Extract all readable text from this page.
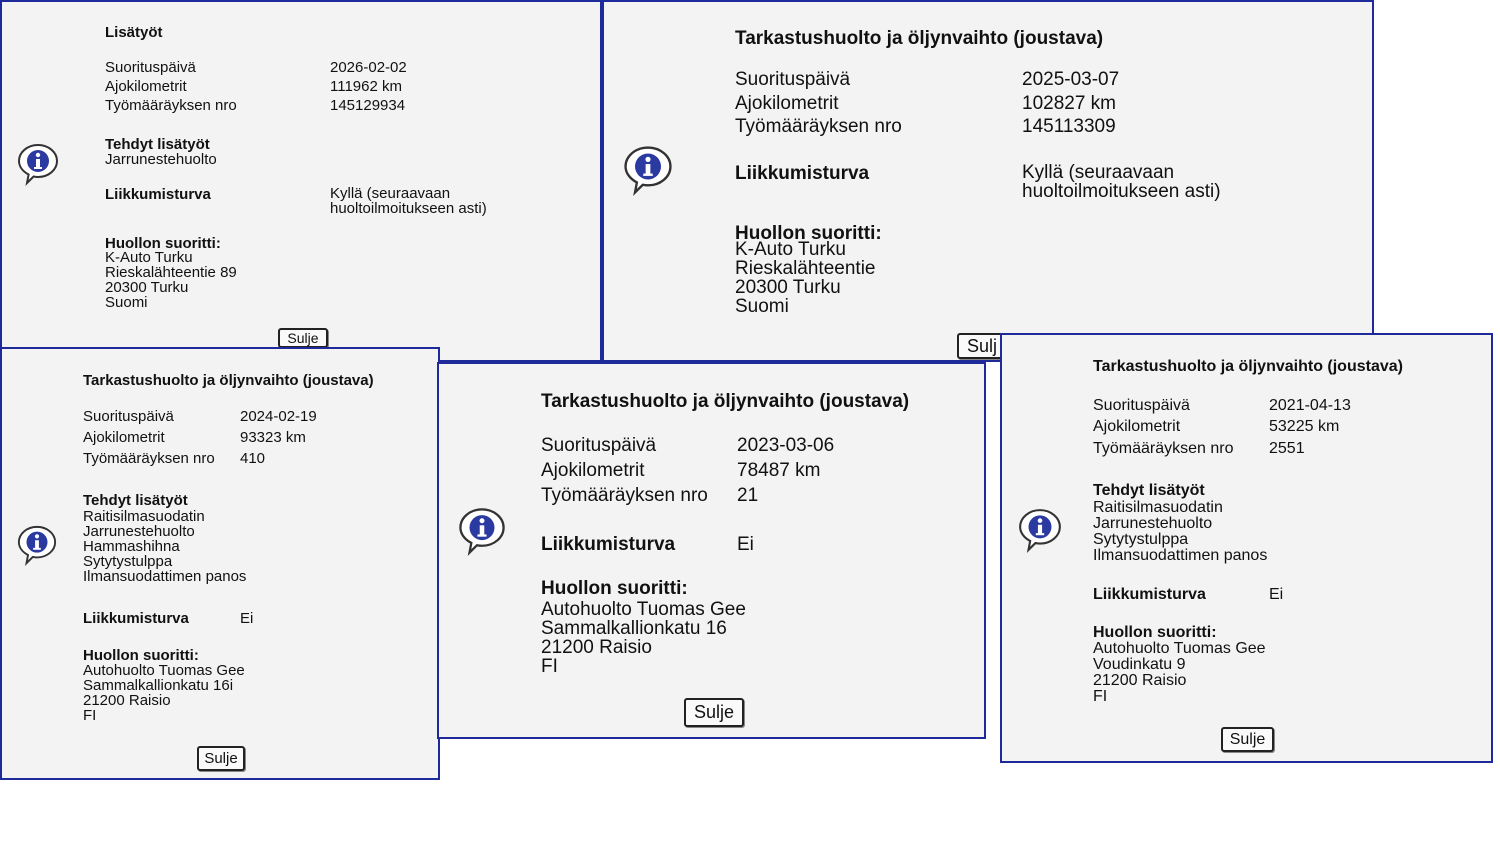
Lisätyöt
Suorituspäivä	2026-02-02
Ajokilometrit	111962 km
Työmääräyksen nro	145129934
Tehdyt lisätyöt
Jarrunestehuolto
Liikkumisturva	Kyllä (seuraavaan
huoltoilmoitukseen asti)
Huollon suoritti:
K-Auto Turku
Rieskalähteentie 89
20300 Turku
Suomi
Sulje
Tarkastushuolto ja öljynvaihto (joustava)
Suorituspäivä	2025-03-07
Ajokilometrit	102827 km
Työmääräyksen nro	145113309
Liikkumisturva	Kyllä (seuraavaan
huoltoilmoitukseen asti)
Huollon suoritti:
K-Auto Turku
Rieskalähteentie
20300 Turku
Suomi
Sulj
Tarkastushuolto ja öljynvaihto (joustava)
Suorituspäivä	2024-02-19
Ajokilometrit	93323 km
Työmääräyksen nro 410
Tehdyt lisätyöt
Raitisilmasuodatin
Jarrunestehuolto
Hammashihna
Sytytystulppa
Ilmansuodattimen panos
Liikkumisturva	Ei
Huollon suoritti:
Autohuolto Tuomas Gee
Sammalkallionkatu 16i
21200 Raisio
FI
Sulje
Tarkastushuolto ja öljynvaihto (joustava)
Suorituspäivä	2023-03-06
Ajokilometrit	78487 km
Työmääräyksen nro 21
Liikkumisturva	Ei
Huollon suoritti:
Autohuolto Tuomas Gee
Sammalkallionkatu 16
21200 Raisio
FI
Sulje
Tarkastushuolto ja öljynvaihto (joustava)
Suorituspäivä	2021-04-13
Ajokilometrit	53225 km
Työmääräyksen nro 2551
Tehdyt lisätyöt
Raitisilmasuodatin
Jarrunestehuolto
Sytytystulppa
Ilmansuodattimen panos
Liikkumisturva	Ei
Huollon suoritti:
Autohuolto Tuomas Gee
Voudinkatu 9
21200 Raisio
FI
Sulje
